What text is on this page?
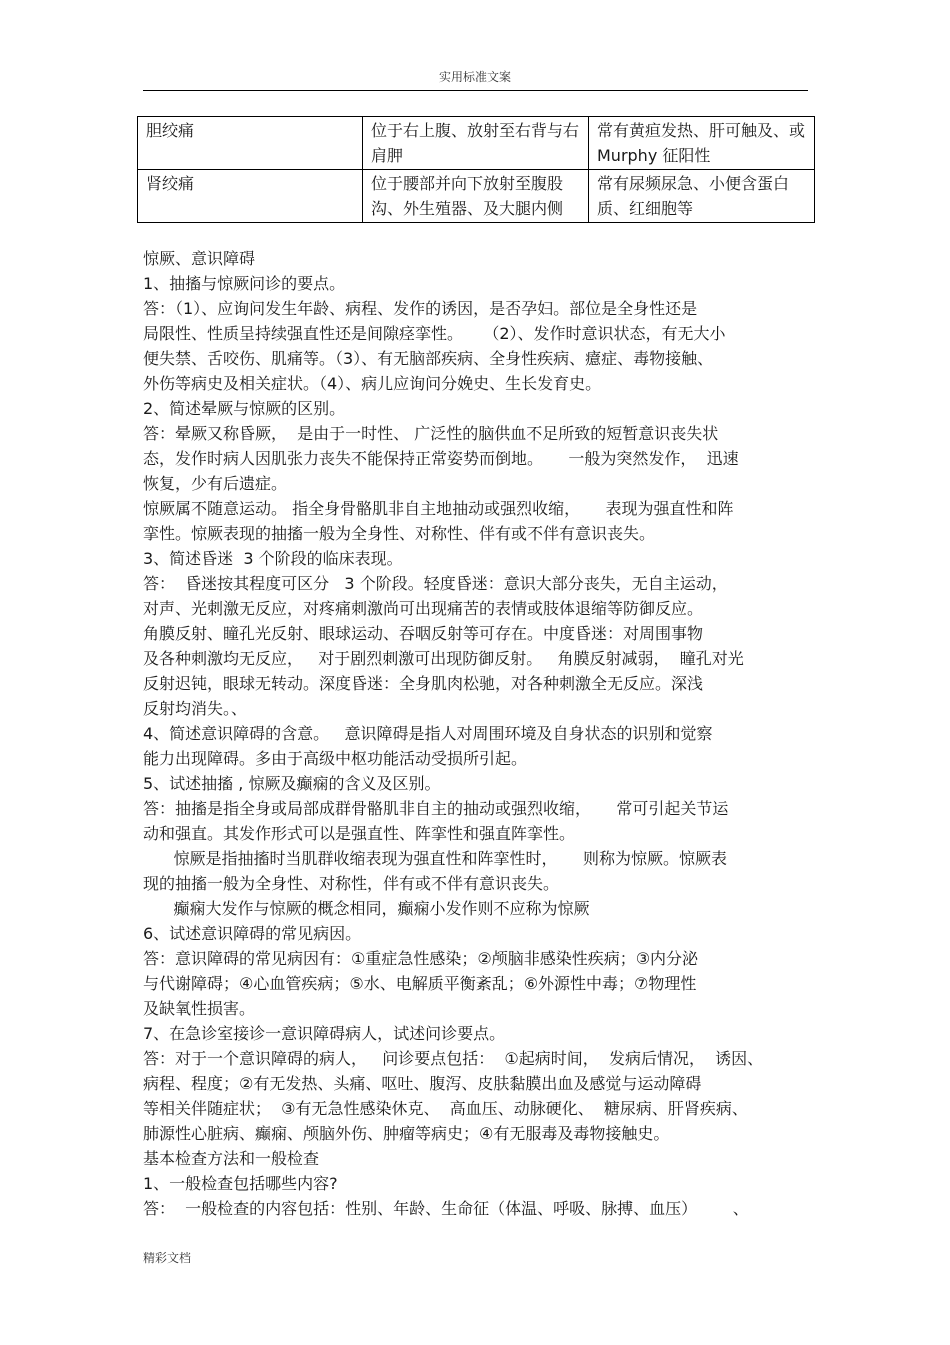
实用标准文案
胆绞痛	位于右上腹、放射至右背与右肩胛	常有黄疸发热、肝可触及、或 Murphy 征阳性
肾绞痛	位于腰部并向下放射至腹股沟、外生殖器、及大腿内侧	常有尿频尿急、小便含蛋白质、红细胞等

惊厥、意识障碍

1、抽搐与惊厥问诊的要点。

答：（1）、应询问发生年龄、病程、发作的诱因，是否孕妇。部位是全身性还是

局限性、性质呈持续强直性还是间隙痉挛性。    （2）、发作时意识状态，有无大小

便失禁、舌咬伤、肌痛等。（3）、有无脑部疾病、全身性疾病、癔症、毒物接触、

外伤等病史及相关症状。（4）、病儿应询问分娩史、生长发育史。

2、简述晕厥与惊厥的区别。

答：晕厥又称昏厥，  是由于一时性、 广泛性的脑供血不足所致的短暂意识丧失状

态，发作时病人因肌张力丧失不能保持正常姿势而倒地。     一般为突然发作，  迅速

恢复，少有后遗症。

惊厥属不随意运动。 指全身骨骼肌非自主地抽动或强烈收缩，     表现为强直性和阵

挛性。惊厥表现的抽搐一般为全身性、对称性、伴有或不伴有意识丧失。

3、简述昏迷  3 个阶段的临床表现。

答：  昏迷按其程度可区分   3 个阶段。轻度昏迷：意识大部分丧失，无自主运动，

对声、光刺激无反应，对疼痛刺激尚可出现痛苦的表情或肢体退缩等防御反应。

角膜反射、瞳孔光反射、眼球运动、吞咽反射等可存在。中度昏迷：对周围事物

及各种刺激均无反应，   对于剧烈刺激可出现防御反射。   角膜反射减弱，  瞳孔对光

反射迟钝，眼球无转动。深度昏迷：全身肌肉松驰，对各种刺激全无反应。深浅

反射均消失。、

4、简述意识障碍的含意。   意识障碍是指人对周围环境及自身状态的识别和觉察

能力出现障碍。多由于高级中枢功能活动受损所引起。

5、试述抽搐 , 惊厥及癫痫的含义及区别。

答：抽搐是指全身或局部成群骨骼肌非自主的抽动或强烈收缩，     常可引起关节运

动和强直。其发作形式可以是强直性、阵挛性和强直阵挛性。

惊厥是指抽搐时当肌群收缩表现为强直性和阵挛性时，     则称为惊厥。惊厥表

现的抽搐一般为全身性、对称性，伴有或不伴有意识丧失。

癫痫大发作与惊厥的概念相同，癫痫小发作则不应称为惊厥

6、试述意识障碍的常见病因。

答：意识障碍的常见病因有：①重症急性感染；②颅脑非感染性疾病；③内分泌

与代谢障碍；④心血管疾病；⑤水、电解质平衡紊乱；⑥外源性中毒；⑦物理性

及缺氧性损害。

7、在急诊室接诊一意识障碍病人，试述问诊要点。

答：对于一个意识障碍的病人，   问诊要点包括：  ①起病时间，  发病后情况，  诱因、

病程、程度；②有无发热、头痛、呕吐、腹泻、皮肤黏膜出血及感觉与运动障碍

等相关伴随症状；  ③有无急性感染休克、  高血压、动脉硬化、  糖尿病、肝肾疾病、

肺源性心脏病、癫痫、颅脑外伤、肿瘤等病史；④有无服毒及毒物接触史。

基本检查方法和一般检查

1、一般检查包括哪些内容?

答：  一般检查的内容包括：性别、年龄、生命征（体温、呼吸、脉搏、血压）       、

精彩文档
